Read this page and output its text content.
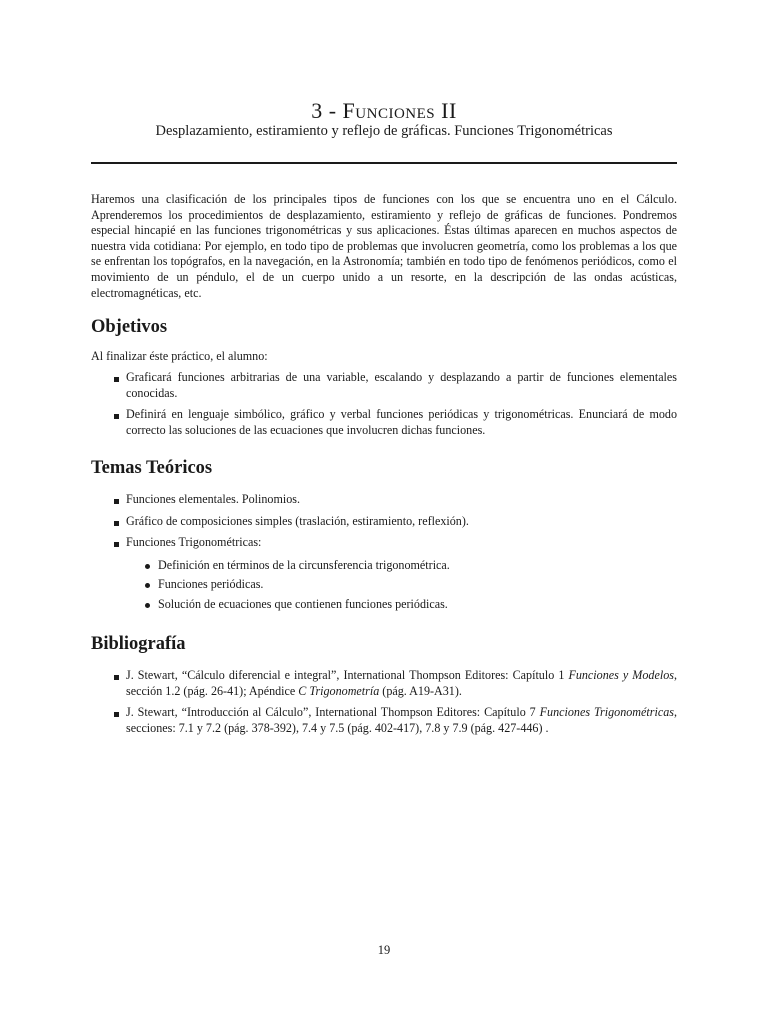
3 - Funciones II
Desplazamiento, estiramiento y reflejo de gráficas. Funciones Trigonométricas

Haremos una clasificación de los principales tipos de funciones con los que se encuentra uno en el Cálculo. Aprenderemos los procedimientos de desplazamiento, estiramiento y reflejo de gráficas de funciones. Pondremos especial hincapié en las funciones trigonométricas y sus aplicaciones. Éstas últimas aparecen en muchos aspectos de nuestra vida cotidiana: Por ejemplo, en todo tipo de problemas que involucren geometría, como los problemas a los que se enfrentan los topógrafos, en la navegación, en la Astronomía; también en todo tipo de fenómenos periódicos, como el movimiento de un péndulo, el de un cuerpo unido a un resorte, en la descripción de las ondas acústicas, electromagnéticas, etc.

Objetivos

Al finalizar éste práctico, el alumno:

Graficará funciones arbitrarias de una variable, escalando y desplazando a partir de funciones elementales conocidas.
Definirá en lenguaje simbólico, gráfico y verbal funciones periódicas y trigonométricas. Enunciará de modo correcto las soluciones de las ecuaciones que involucren dichas funciones.
Temas Teóricos
Funciones elementales. Polinomios.
Gráfico de composiciones simples (traslación, estiramiento, reflexión).
Funciones Trigonométricas:
Definición en términos de la circunsferencia trigonométrica.
Funciones periódicas.
Solución de ecuaciones que contienen funciones periódicas.
Bibliografía
J. Stewart, “Cálculo diferencial e integral”, International Thompson Editores: Capítulo 1 Funciones y Modelos, sección 1.2 (pág. 26-41); Apéndice C Trigonometría (pág. A19-A31).
J. Stewart, “Introducción al Cálculo”, International Thompson Editores: Capítulo 7 Funciones Trigonométricas, secciones: 7.1 y 7.2 (pág. 378-392), 7.4 y 7.5 (pág. 402-417), 7.8 y 7.9 (pág. 427-446) .
19
